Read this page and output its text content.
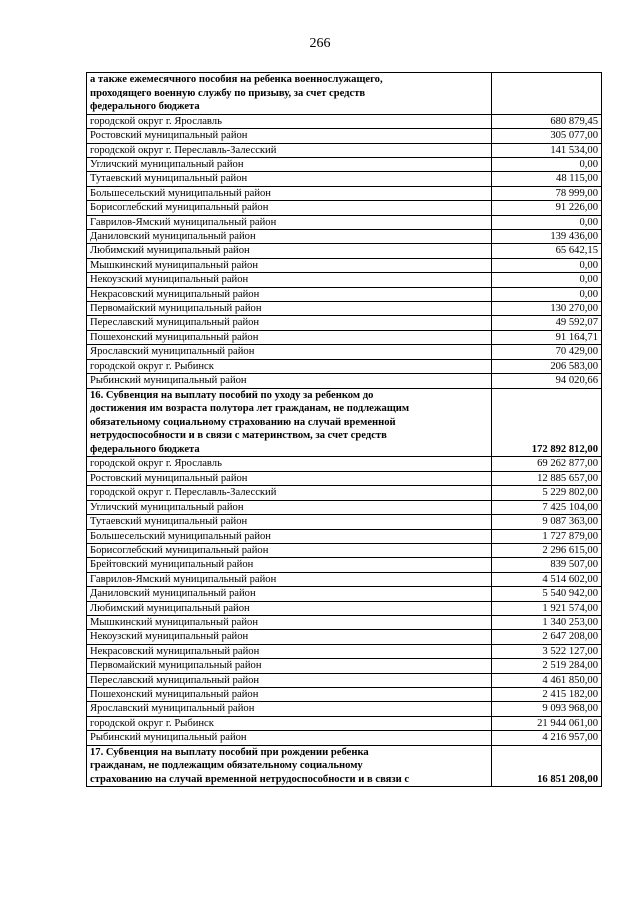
266
а также ежемесячного пособия на ребенка военнослужащего,
проходящего военную службу по призыву, за счет средств
федерального бюджета	

городской округ г. Ярославль	680 879,45
Ростовский муниципальный район	305 077,00
городской округ г. Переславль-Залесский	141 534,00
Угличский муниципальный район	0,00
Тутаевский муниципальный район	48 115,00
Большесельский муниципальный район	78 999,00
Борисоглебский муниципальный район	91 226,00
Гаврилов-Ямский муниципальный район	0,00
Даниловский муниципальный район	139 436,00
Любимский муниципальный район	65 642,15
Мышкинский муниципальный район	0,00
Некоузский муниципальный район	0,00
Некрасовский муниципальный район	0,00
Первомайский муниципальный район	130 270,00
Переславский муниципальный район	49 592,07
Пошехонский муниципальный район	91 164,71
Ярославский муниципальный район	70 429,00
городской округ г. Рыбинск	206 583,00
Рыбинский муниципальный район	94 020,66

16. Субвенция на выплату пособий по уходу за ребенком до
достижения им возраста полутора лет гражданам, не подлежащим
обязательному социальному страхованию на случай временной
нетрудоспособности и в связи с материнством, за счет средств
федерального бюджета	172 892 812,00
городской округ г. Ярославль	69 262 877,00
Ростовский муниципальный район	12 885 657,00
городской округ г. Переславль-Залесский	5 229 802,00
Угличский муниципальный район	7 425 104,00
Тутаевский муниципальный район	9 087 363,00
Большесельский муниципальный район	1 727 879,00
Борисоглебский муниципальный район	2 296 615,00
Брейтовский муниципальный район	839 507,00
Гаврилов-Ямский муниципальный район	4 514 602,00
Даниловский муниципальный район	5 540 942,00
Любимский муниципальный район	1 921 574,00
Мышкинский муниципальный район	1 340 253,00
Некоузский муниципальный район	2 647 208,00
Некрасовский муниципальный район	3 522 127,00
Первомайский муниципальный район	2 519 284,00
Переславский муниципальный район	4 461 850,00
Пошехонский муниципальный район	2 415 182,00
Ярославский муниципальный район	9 093 968,00
городской округ г. Рыбинск	21 944 061,00
Рыбинский муниципальный район	4 216 957,00

17. Субвенция на выплату пособий при рождении ребенка
гражданам, не подлежащим обязательному социальному
страхованию на случай временной нетрудоспособности и в связи с	16 851 208,00
